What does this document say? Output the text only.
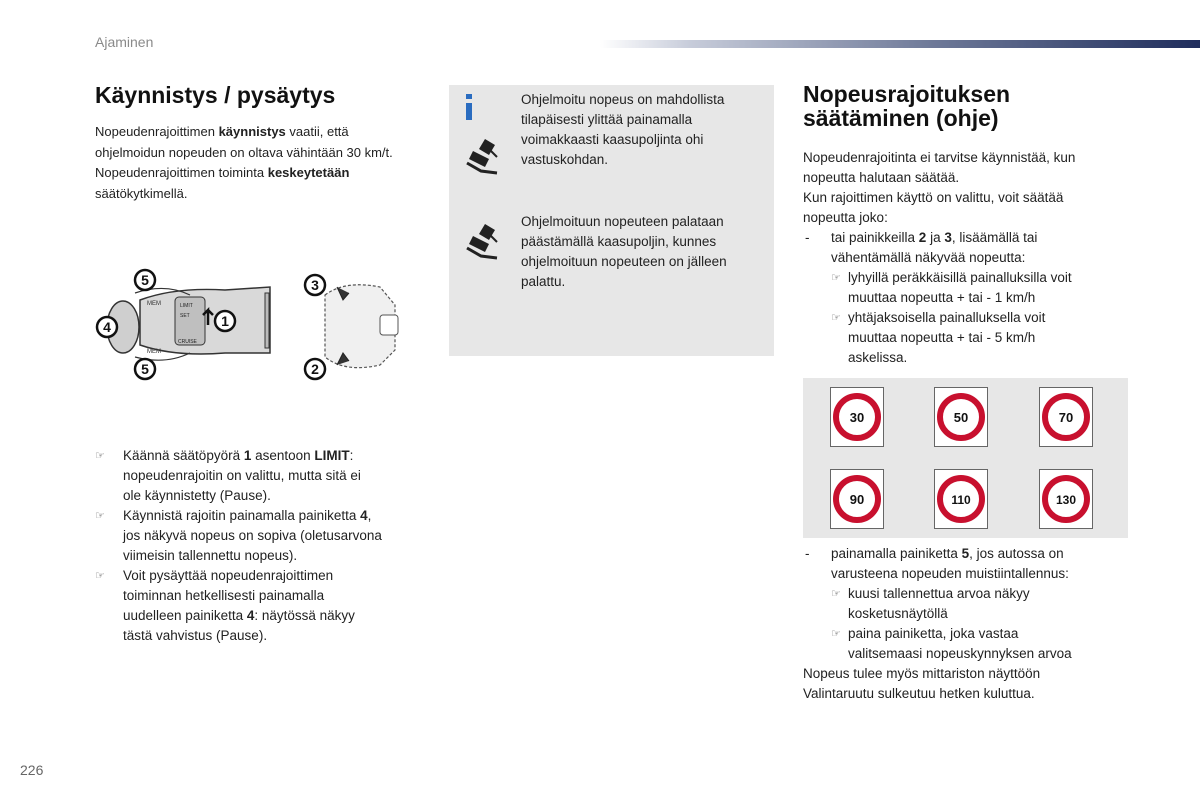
Ajaminen
Käynnistys / pysäytys
Nopeudenrajoittimen käynnistys vaatii, että
ohjelmoidun nopeuden on oltava vähintään 30 km/t.
Nopeudenrajoittimen toiminta keskeytetään
säätökytkimellä.
MEM
MEM
LIMIT
SET
CRUISE
5
4	1
5
3
2
☞ Käännä säätöpyörä 1 asentoon LIMIT:
nopeudenrajoitin on valittu, mutta sitä ei
ole käynnistetty (Pause).
☞ Käynnistä rajoitin painamalla painiketta 4,
jos näkyvä nopeus on sopiva (oletusarvona
viimeisin tallennettu nopeus).
☞ Voit pysäyttää nopeudenrajoittimen
toiminnan hetkellisesti painamalla
uudelleen painiketta 4: näytössä näkyy
tästä vahvistus (Pause).
Ohjelmoitu nopeus on mahdollista
tilapäisesti ylittää painamalla
voimakkaasti kaasupoljinta ohi
vastuskohdan.
Ohjelmoituun nopeuteen palataan
päästämällä kaasupoljin, kunnes
ohjelmoituun nopeuteen on jälleen
palattu.
Nopeusrajoituksen
säätäminen (ohje)
Nopeudenrajoitinta ei tarvitse käynnistää, kun
nopeutta halutaan säätää.
Kun rajoittimen käyttö on valittu, voit säätää
nopeutta joko:
- tai painikkeilla 2 ja 3, lisäämällä tai
vähentämällä näkyvää nopeutta:
☞ lyhyillä peräkkäisillä painalluksilla voit
muuttaa nopeutta + tai - 1 km/h
☞ yhtäjaksoisella painalluksella voit
muuttaa nopeutta + tai - 5 km/h
askelissa.
30	50	70
90	110	130
- painamalla painiketta 5, jos autossa on
varusteena nopeuden muistiintallennus:
☞ kuusi tallennettua arvoa näkyy
kosketusnäytöllä
☞ paina painiketta, joka vastaa
valitsemaasi nopeuskynnyksen arvoa
Nopeus tulee myös mittariston näyttöön
Valintaruutu sulkeutuu hetken kuluttua.
226
